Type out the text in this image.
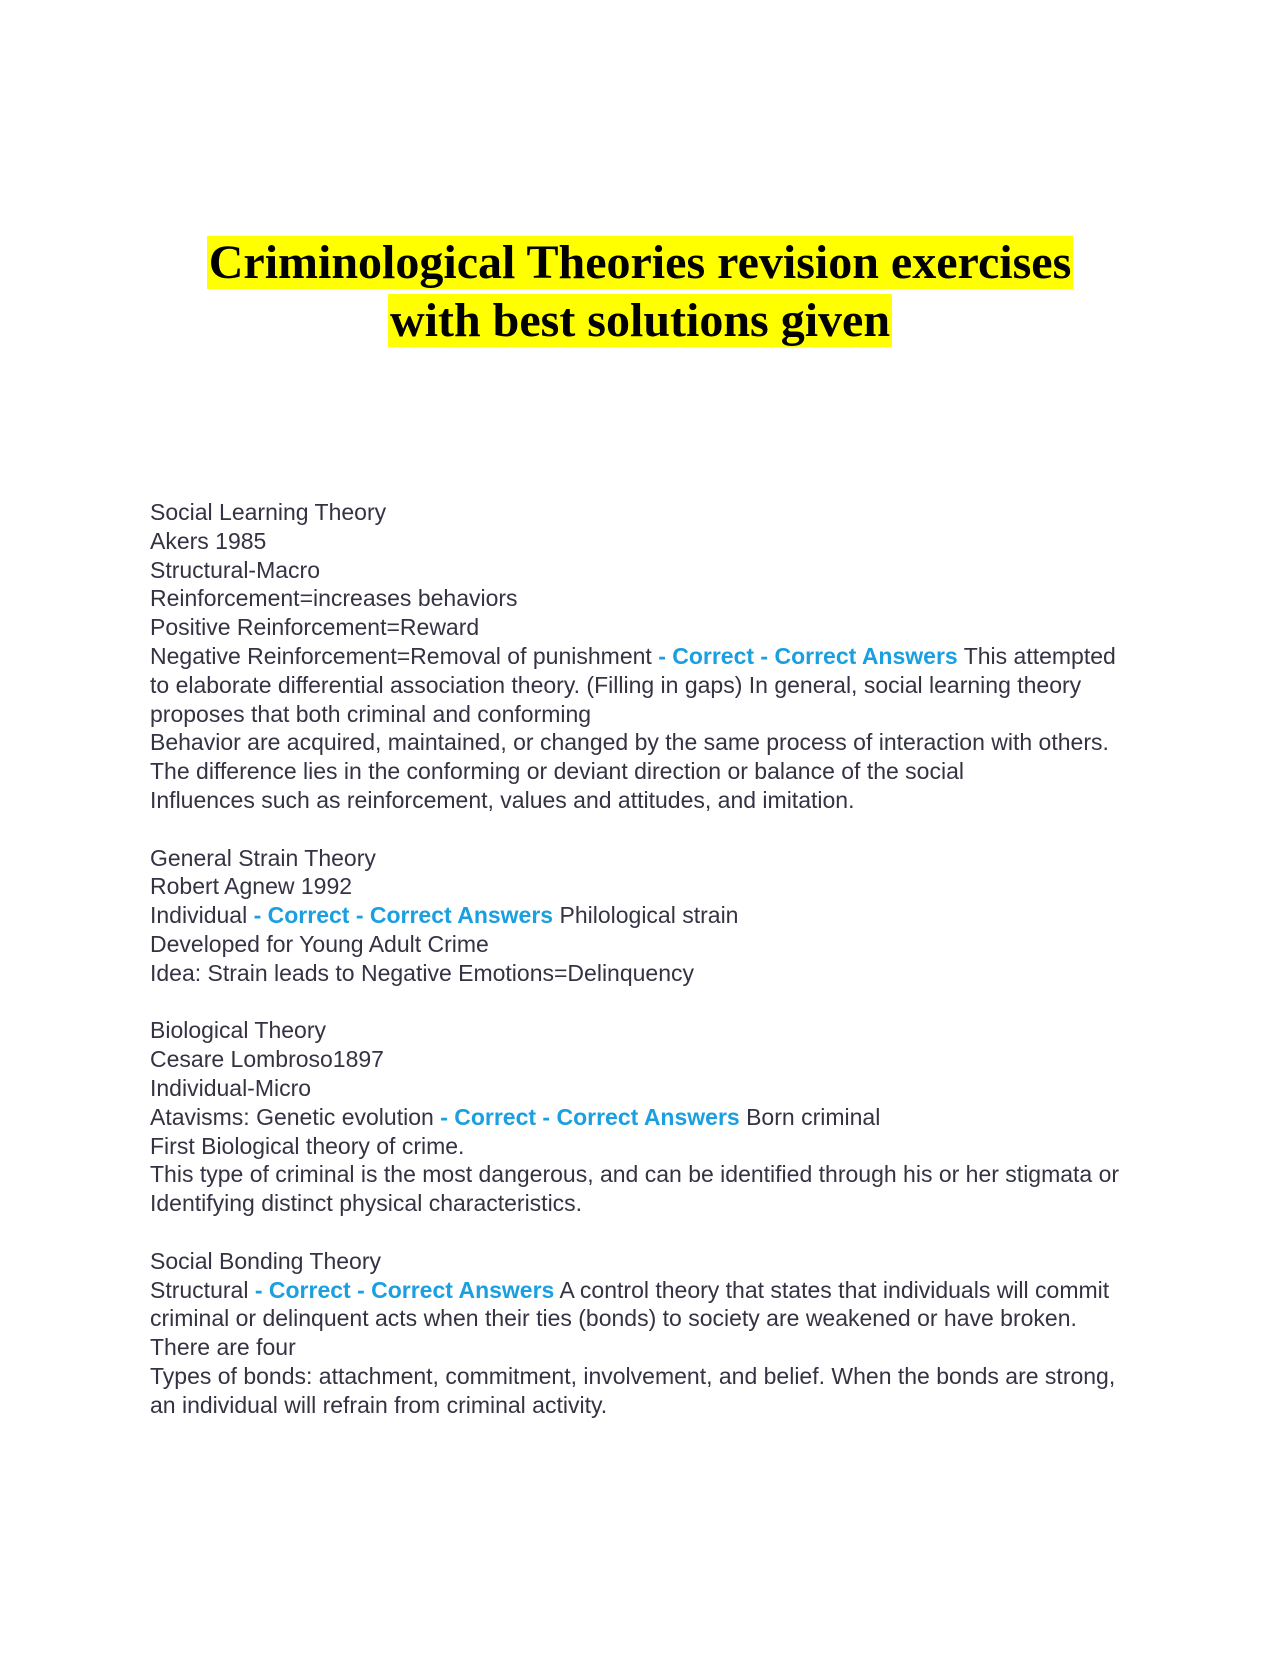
Criminological Theories revision exercises
with best solutions given
Social Learning Theory
Akers 1985
Structural-Macro
Reinforcement=increases behaviors
Positive Reinforcement=Reward
Negative Reinforcement=Removal of punishment - Correct - Correct Answers This attempted to elaborate differential association theory. (Filling in gaps) In general, social learning theory proposes that both criminal and conforming
Behavior are acquired, maintained, or changed by the same process of interaction with others.
The difference lies in the conforming or deviant direction or balance of the social
Influences such as reinforcement, values and attitudes, and imitation.
General Strain Theory
Robert Agnew 1992
Individual - Correct - Correct Answers Philological strain
Developed for Young Adult Crime
Idea: Strain leads to Negative Emotions=Delinquency
Biological Theory
Cesare Lombroso1897
Individual-Micro
Atavisms: Genetic evolution - Correct - Correct Answers Born criminal
First Biological theory of crime.
This type of criminal is the most dangerous, and can be identified through his or her stigmata or
Identifying distinct physical characteristics.
Social Bonding Theory
Structural - Correct - Correct Answers A control theory that states that individuals will commit criminal or delinquent acts when their ties (bonds) to society are weakened or have broken. There are four
Types of bonds: attachment, commitment, involvement, and belief. When the bonds are strong, an individual will refrain from criminal activity.
